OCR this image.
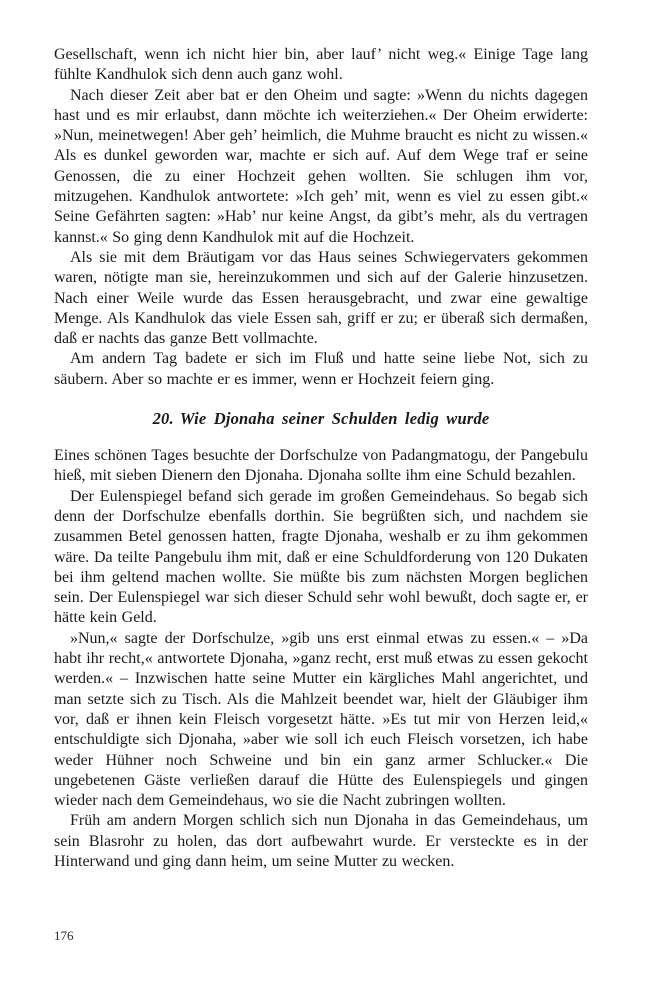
Gesellschaft, wenn ich nicht hier bin, aber lauf’ nicht weg.« Einige Tage lang fühlte Kandhulok sich denn auch ganz wohl.

Nach dieser Zeit aber bat er den Oheim und sagte: »Wenn du nichts dagegen hast und es mir erlaubst, dann möchte ich weiterziehen.« Der Oheim erwiderte: »Nun, meinetwegen! Aber geh’ heimlich, die Muhme braucht es nicht zu wissen.« Als es dunkel geworden war, machte er sich auf. Auf dem Wege traf er seine Genossen, die zu einer Hochzeit gehen wollten. Sie schlugen ihm vor, mitzugehen. Kandhulok antwortete: »Ich geh’ mit, wenn es viel zu essen gibt.« Seine Gefährten sagten: »Hab’ nur keine Angst, da gibt’s mehr, als du vertragen kannst.« So ging denn Kandhulok mit auf die Hochzeit.

Als sie mit dem Bräutigam vor das Haus seines Schwiegervaters gekommen waren, nötigte man sie, hereinzukommen und sich auf der Galerie hinzusetzen. Nach einer Weile wurde das Essen herausgebracht, und zwar eine gewaltige Menge. Als Kandhulok das viele Essen sah, griff er zu; er überaß sich dermaßen, daß er nachts das ganze Bett vollmachte.

Am andern Tag badete er sich im Fluß und hatte seine liebe Not, sich zu säubern. Aber so machte er es immer, wenn er Hochzeit feiern ging.

20. Wie Djonaha seiner Schulden ledig wurde

Eines schönen Tages besuchte der Dorfschulze von Padangmatogu, der Pangebulu hieß, mit sieben Dienern den Djonaha. Djonaha sollte ihm eine Schuld bezahlen.

Der Eulenspiegel befand sich gerade im großen Gemeindehaus. So begab sich denn der Dorfschulze ebenfalls dorthin. Sie begrüßten sich, und nachdem sie zusammen Betel genossen hatten, fragte Djonaha, weshalb er zu ihm gekommen wäre. Da teilte Pangebulu ihm mit, daß er eine Schuldforderung von 120 Dukaten bei ihm geltend machen wollte. Sie müßte bis zum nächsten Morgen beglichen sein. Der Eulenspiegel war sich dieser Schuld sehr wohl bewußt, doch sagte er, er hätte kein Geld.

»Nun,« sagte der Dorfschulze, »gib uns erst einmal etwas zu essen.« – »Da habt ihr recht,« antwortete Djonaha, »ganz recht, erst muß etwas zu essen gekocht werden.« – Inzwischen hatte seine Mutter ein kärgliches Mahl angerichtet, und man setzte sich zu Tisch. Als die Mahlzeit beendet war, hielt der Gläubiger ihm vor, daß er ihnen kein Fleisch vorgesetzt hätte. »Es tut mir von Herzen leid,« entschuldigte sich Djonaha, »aber wie soll ich euch Fleisch vorsetzen, ich habe weder Hühner noch Schweine und bin ein ganz armer Schlucker.« Die ungebetenen Gäste verließen darauf die Hütte des Eulenspiegels und gingen wieder nach dem Gemeindehaus, wo sie die Nacht zubringen wollten.

Früh am andern Morgen schlich sich nun Djonaha in das Gemeindehaus, um sein Blasrohr zu holen, das dort aufbewahrt wurde. Er versteckte es in der Hinterwand und ging dann heim, um seine Mutter zu wecken.

176
